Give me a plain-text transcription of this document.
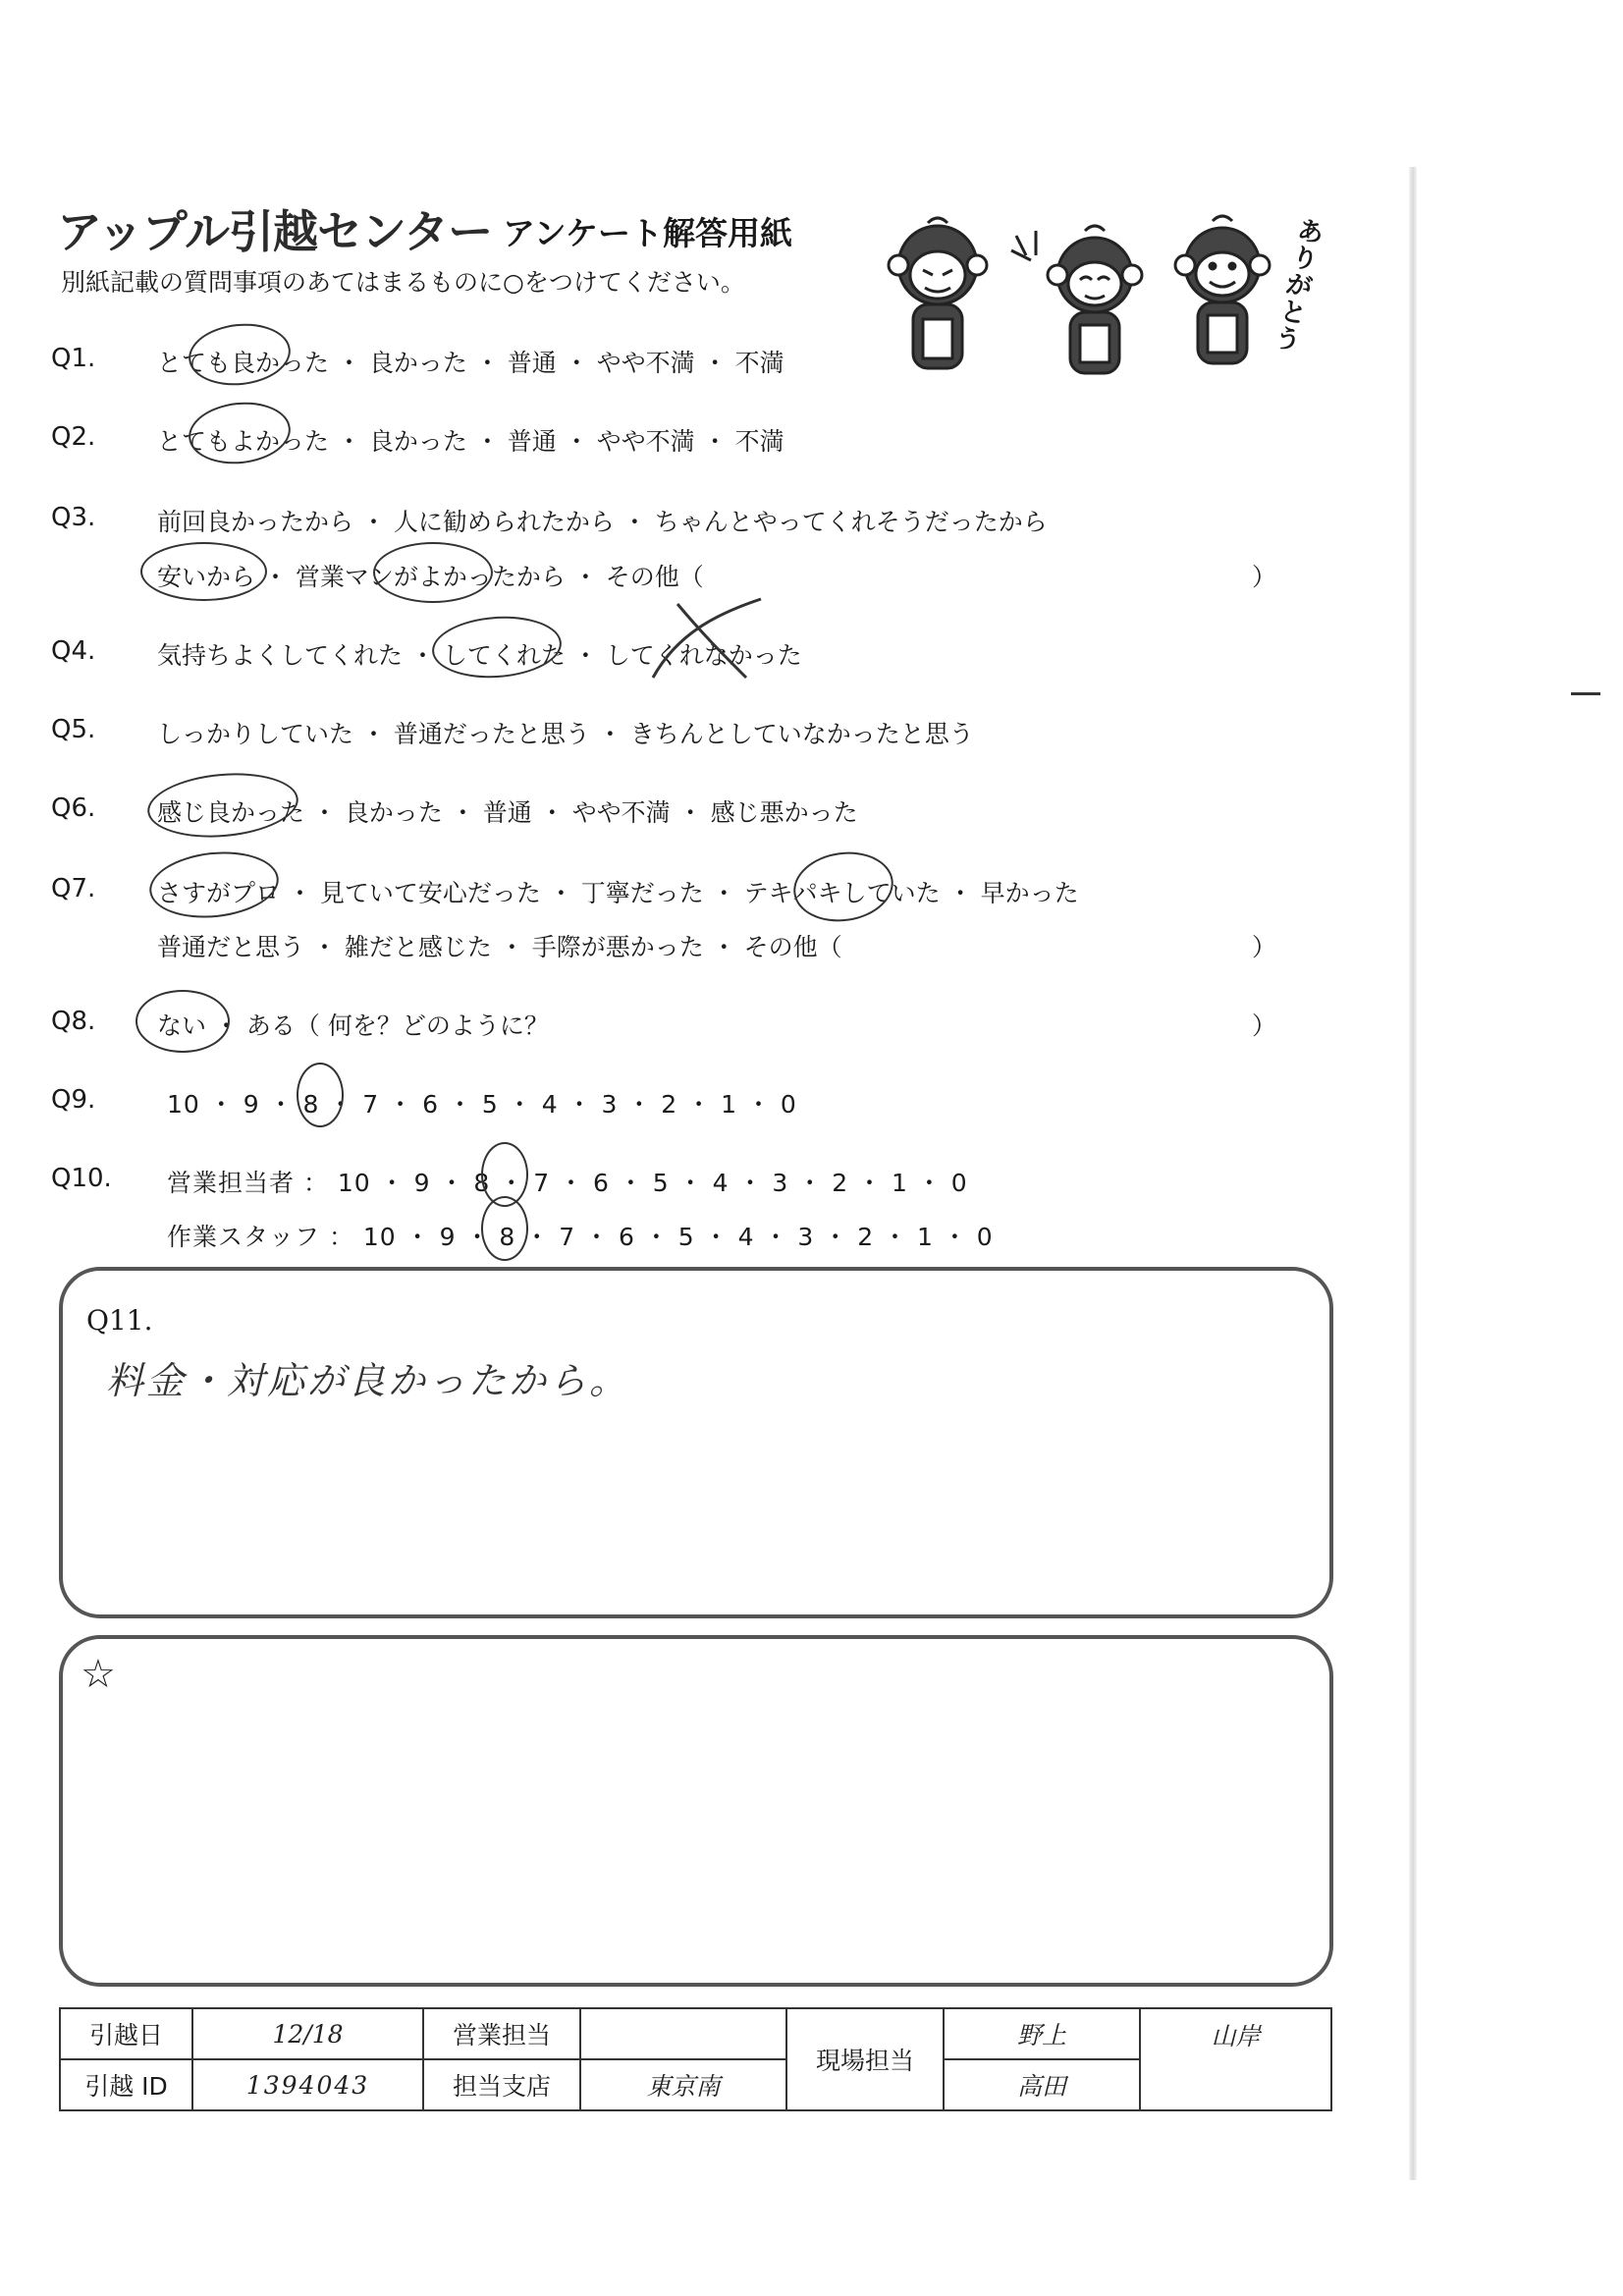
アップル引越センター アンケート解答用紙
別紙記載の質問事項のあてはまるものに○をつけてください。
ありがとう
Q1.	とても良かった ・ 良かった ・ 普通 ・ やや不満 ・ 不満
Q2.	とてもよかった ・ 良かった ・ 普通 ・ やや不満 ・ 不満
Q3.	前回良かったから ・ 人に勧められたから ・ ちゃんとやってくれそうだったから
安いから ・ 営業マンがよかったから ・ その他（	）
Q4.	気持ちよくしてくれた ・ してくれた ・ してくれなかった
Q5.	しっかりしていた ・ 普通だったと思う ・ きちんとしていなかったと思う
Q6.	感じ良かった ・ 良かった ・ 普通 ・ やや不満 ・ 感じ悪かった
Q7.	さすがプロ ・ 見ていて安心だった ・ 丁寧だった ・ テキパキしていた ・ 早かった
普通だと思う ・ 雑だと感じた ・ 手際が悪かった ・ その他（	）
Q8.	ない ・ ある（ 何を？どのように？	）
Q9.	10 ・ 9 ・ 8 ・ 7 ・ 6 ・ 5 ・ 4 ・ 3 ・ 2 ・ 1 ・ 0
Q10. 営業担当者 ： 10 ・ 9 ・ 8 ・ 7 ・ 6 ・ 5 ・ 4 ・ 3 ・ 2 ・ 1 ・ 0
作業スタッフ ： 10 ・ 9 ・ 8 ・ 7 ・ 6 ・ 5 ・ 4 ・ 3 ・ 2 ・ 1 ・ 0
Q11.
料金・対応が良かったから。
☆
引越日	12/18	営業担当		現場担当	野上	山岸
引越 ID	1394043	担当支店	東京南		高田	
